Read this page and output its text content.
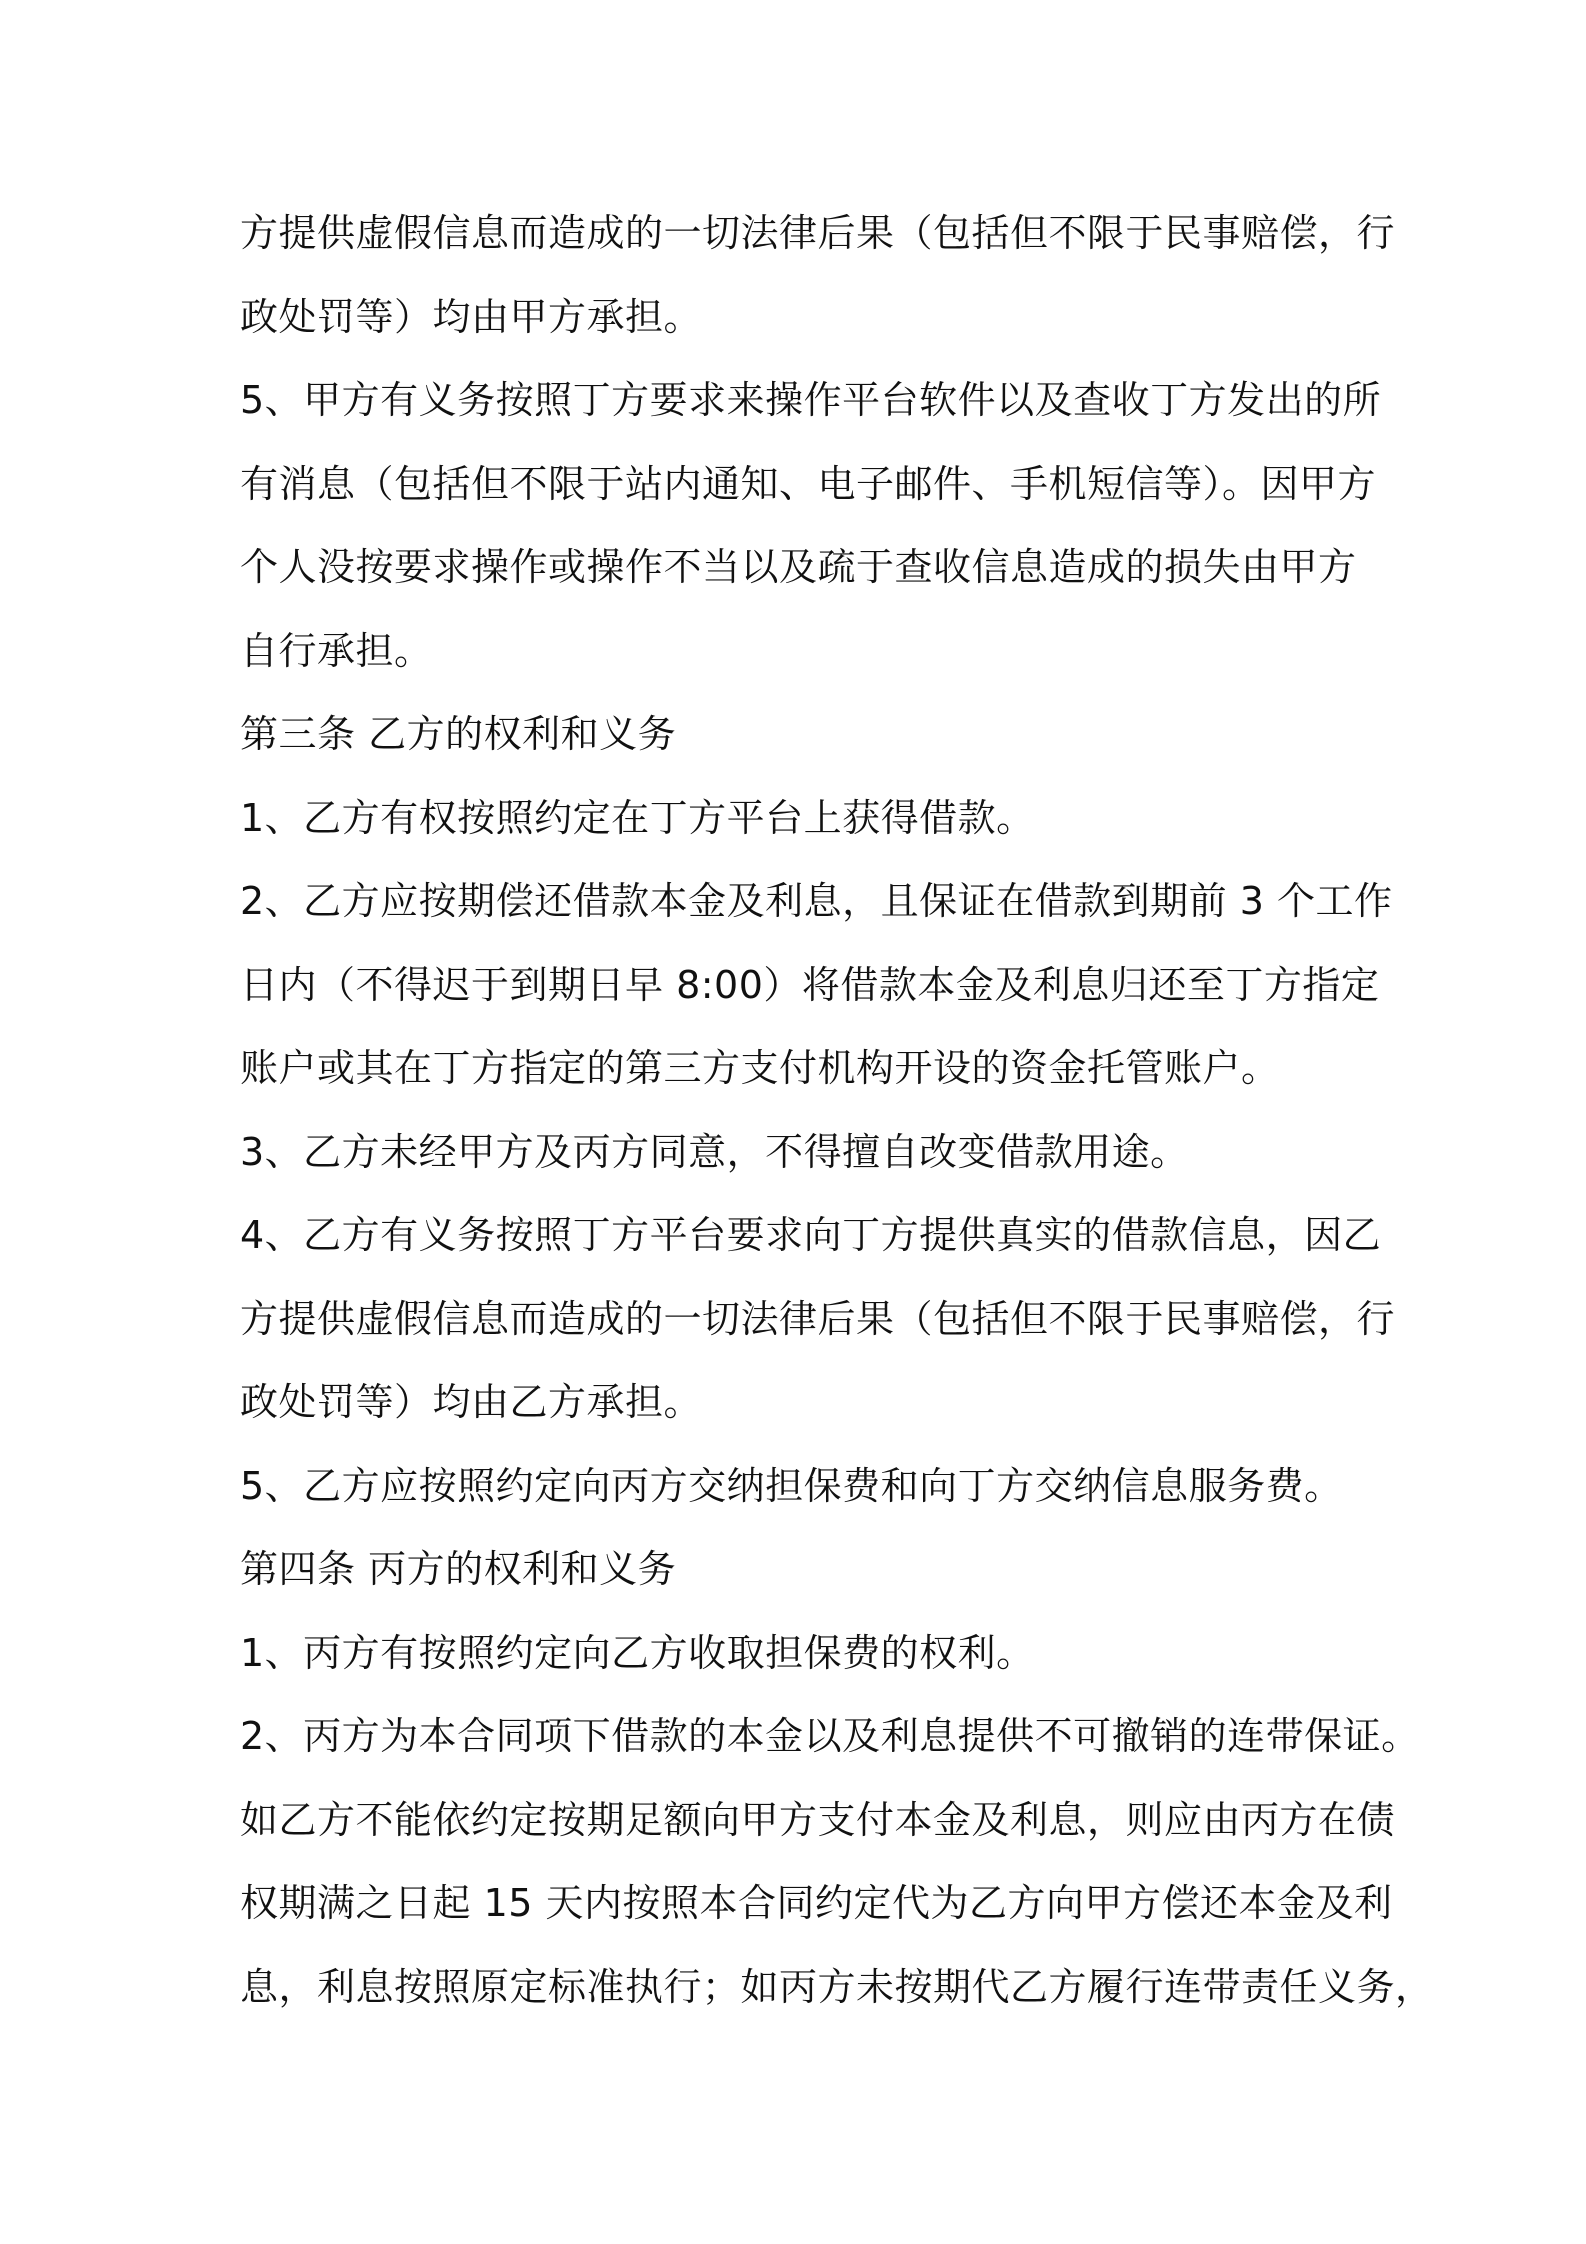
方提供虚假信息而造成的一切法律后果（包括但不限于民事赔偿，行
政处罚等）均由甲方承担。
5、甲方有义务按照丁方要求来操作平台软件以及查收丁方发出的所
有消息（包括但不限于站内通知、电子邮件、手机短信等）。因甲方
个人没按要求操作或操作不当以及疏于查收信息造成的损失由甲方
自行承担。
第三条 乙方的权利和义务
1、乙方有权按照约定在丁方平台上获得借款。
2、乙方应按期偿还借款本金及利息，且保证在借款到期前 3 个工作
日内（不得迟于到期日早 8:00）将借款本金及利息归还至丁方指定
账户或其在丁方指定的第三方支付机构开设的资金托管账户。
3、乙方未经甲方及丙方同意，不得擅自改变借款用途。
4、乙方有义务按照丁方平台要求向丁方提供真实的借款信息，因乙
方提供虚假信息而造成的一切法律后果（包括但不限于民事赔偿，行
政处罚等）均由乙方承担。
5、乙方应按照约定向丙方交纳担保费和向丁方交纳信息服务费。
第四条 丙方的权利和义务
1、丙方有按照约定向乙方收取担保费的权利。
2、丙方为本合同项下借款的本金以及利息提供不可撤销的连带保证。
如乙方不能依约定按期足额向甲方支付本金及利息，则应由丙方在债
权期满之日起 15 天内按照本合同约定代为乙方向甲方偿还本金及利
息，利息按照原定标准执行；如丙方未按期代乙方履行连带责任义务，
